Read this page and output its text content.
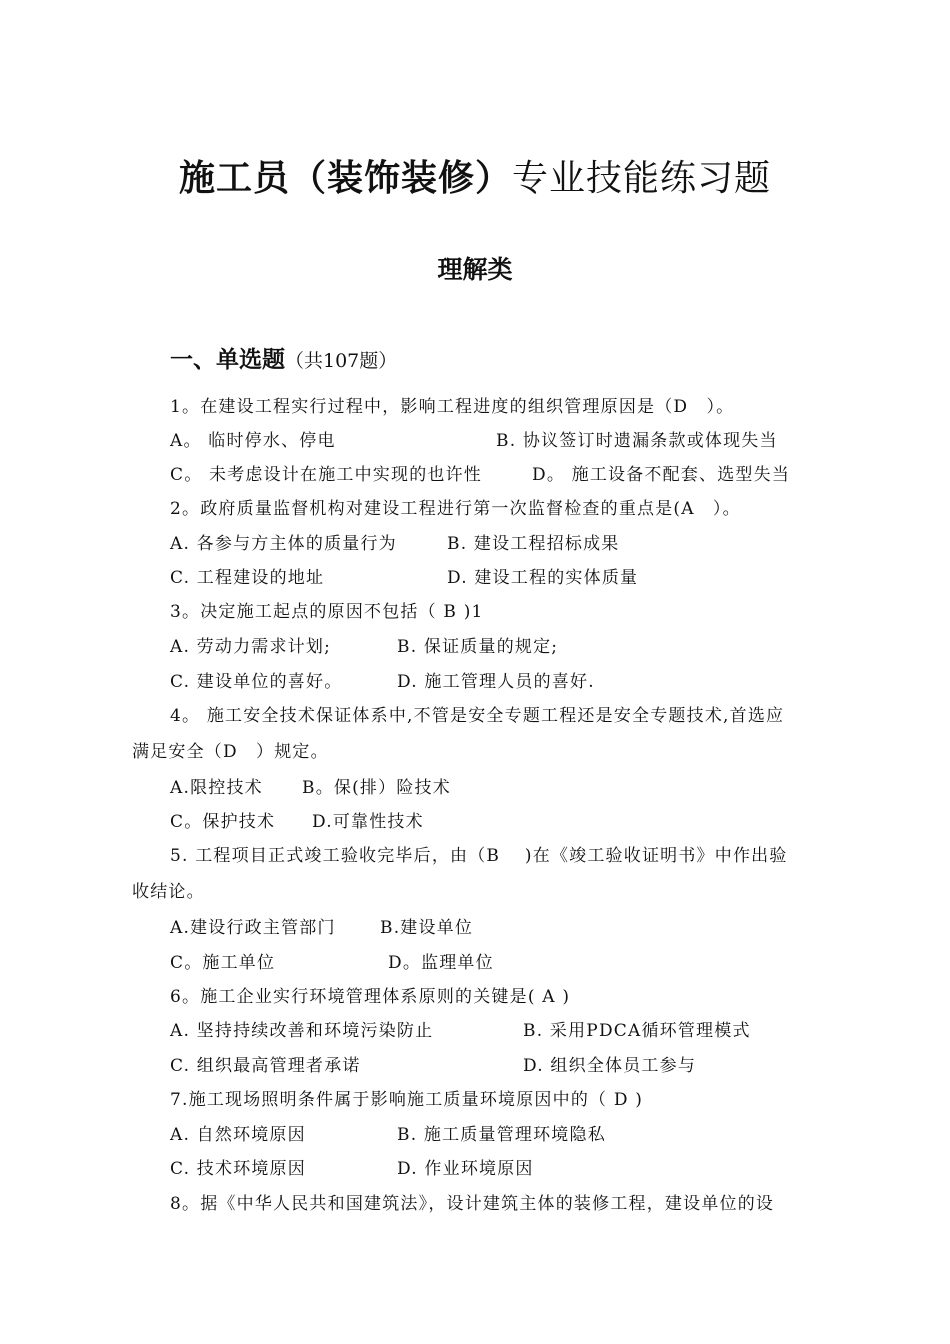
施工员（装饰装修）专业技能练习题
理解类
一、单选题（共107题）
1。在建设工程实行过程中，影响工程进度的组织管理原因是（D　）。
A。 临时停水、停电	B. 协议签订时遗漏条款或体现失当
C。 未考虑设计在施工中实现的也许性	D。 施工设备不配套、选型失当
2。政府质量监督机构对建设工程进行第一次监督检查的重点是(A　）。
A. 各参与方主体的质量行为	B. 建设工程招标成果
C. 工程建设的地址	D. 建设工程的实体质量
3。决定施工起点的原因不包括（ B )1
A. 劳动力需求计划;	B. 保证质量的规定;
C. 建设单位的喜好。	D. 施工管理人员的喜好.
4。 施工安全技术保证体系中,不管是安全专题工程还是安全专题技术,首选应
满足安全（D　）规定。
A.限控技术 B。保(排）险技术
C。保护技术 D.可靠性技术
5. 工程项目正式竣工验收完毕后，由（B　 )在《竣工验收证明书》中作出验
收结论。
A.建设行政主管部门	B.建设单位
C。施工单位	D。监理单位
6。施工企业实行环境管理体系原则的关键是( A )
A. 坚持持续改善和环境污染防止	B. 采用PDCA循环管理模式
C. 组织最高管理者承诺	D. 组织全体员工参与
7.施工现场照明条件属于影响施工质量环境原因中的（ D )
A. 自然环境原因	B. 施工质量管理环境隐私
C. 技术环境原因	D. 作业环境原因
8。据《中华人民共和国建筑法》，设计建筑主体的装修工程，建设单位的设
